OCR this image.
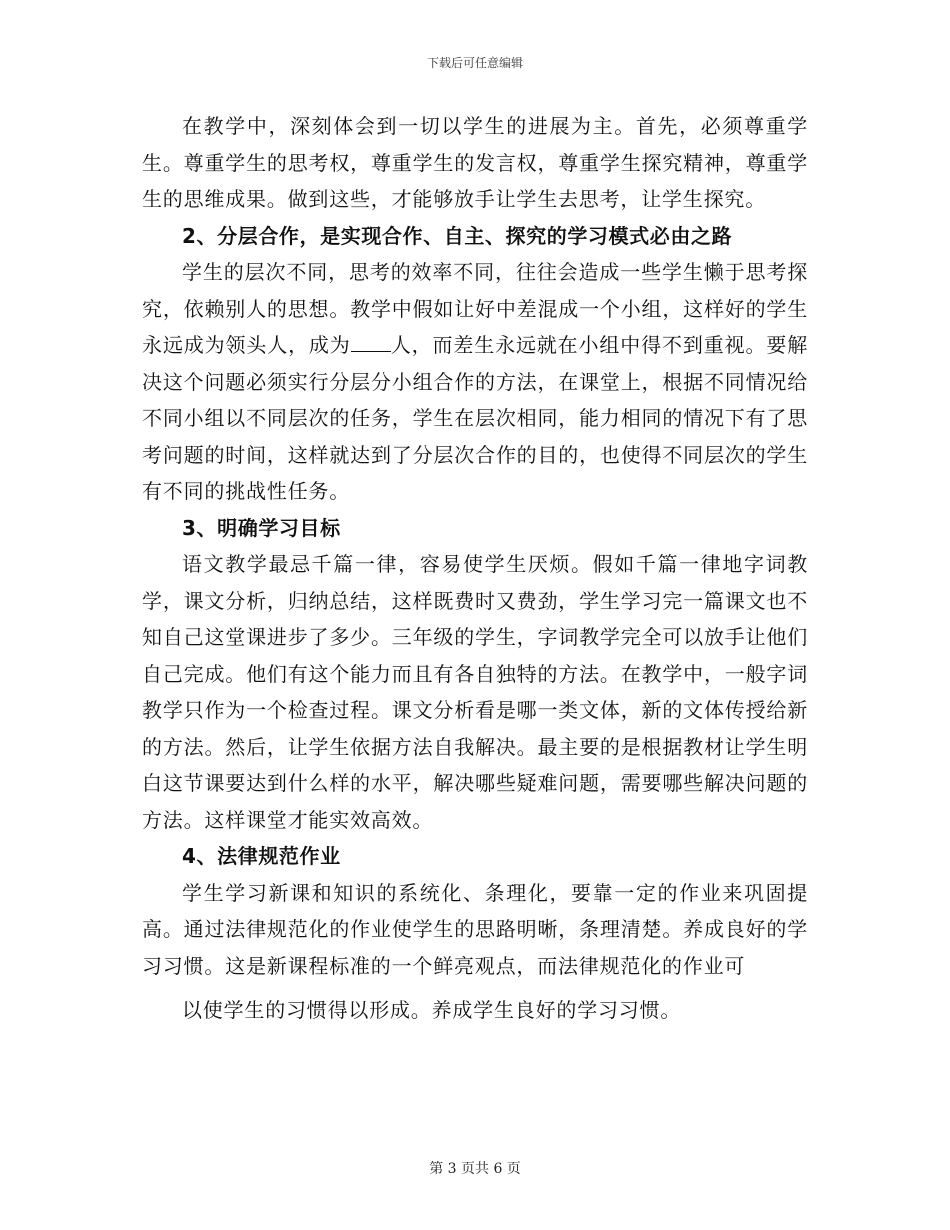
下载后可任意编辑

在教学中，深刻体会到一切以学生的进展为主。首先，必须尊重学生。尊重学生的思考权，尊重学生的发言权，尊重学生探究精神，尊重学生的思维成果。做到这些，才能够放手让学生去思考，让学生探究。

2、分层合作，是实现合作、自主、探究的学习模式必由之路

学生的层次不同，思考的效率不同，往往会造成一些学生懒于思考探究，依赖别人的思想。教学中假如让好中差混成一个小组，这样好的学生永远成为领头人，成为 人，而差生永远就在小组中得不到重视。要解决这个问题必须实行分层分小组合作的方法，在课堂上，根据不同情况给不同小组以不同层次的任务，学生在层次相同，能力相同的情况下有了思考问题的时间，这样就达到了分层次合作的目的，也使得不同层次的学生有不同的挑战性任务。

3、明确学习目标

语文教学最忌千篇一律，容易使学生厌烦。假如千篇一律地字词教学，课文分析，归纳总结，这样既费时又费劲，学生学习完一篇课文也不知自己这堂课进步了多少。三年级的学生，字词教学完全可以放手让他们自己完成。他们有这个能力而且有各自独特的方法。在教学中，一般字词教学只作为一个检查过程。课文分析看是哪一类文体，新的文体传授给新的方法。然后，让学生依据方法自我解决。最主要的是根据教材让学生明白这节课要达到什么样的水平，解决哪些疑难问题，需要哪些解决问题的方法。这样课堂才能实效高效。

4、法律规范作业

学生学习新课和知识的系统化、条理化，要靠一定的作业来巩固提高。通过法律规范化的作业使学生的思路明晰，条理清楚。养成良好的学习习惯。这是新课程标准的一个鲜亮观点，而法律规范化的作业可

以使学生的习惯得以形成。养成学生良好的学习习惯。

第 3 页共 6 页
